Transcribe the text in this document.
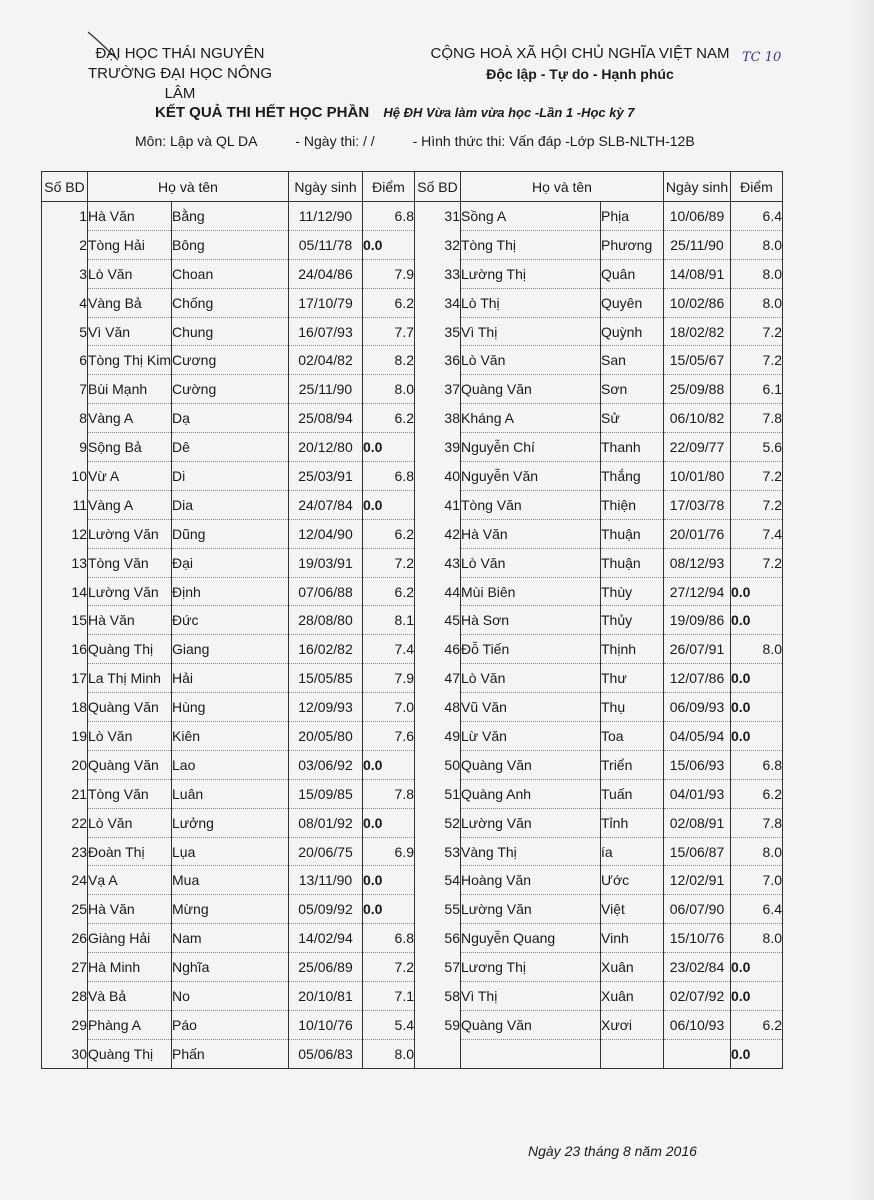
ĐẠI HỌC THÁI NGUYÊN
TRƯỜNG ĐẠI HỌC NÔNG LÂM
CỘNG HOÀ XÃ HỘI CHỦ NGHĨA VIỆT NAM
Độc lập - Tự do - Hạnh phúc
TC 10
KẾT QUẢ THI HẾT HỌC PHẦN Hệ ĐH Vừa làm vừa học -Lần 1 -Học kỳ 7
Môn: Lập và QL DA	- Ngày thi: / /	- Hình thức thi: Vấn đáp -Lớp SLB-NLTH-12B
Số BD	Họ và tên		Ngày sinh	Điểm	Số BD	Họ và tên		Ngày sinh	Điểm
1	Hà Văn	Bằng	11/12/90	6.8	31	Sồng A	Phịa	10/06/89	6.4
2	Tòng Hải	Bông	05/11/78	0.0	32	Tòng Thị	Phương	25/11/90	8.0
3	Lò Văn	Choan	24/04/86	7.9	33	Lường Thị	Quân	14/08/91	8.0
4	Vàng Bả	Chống	17/10/79	6.2	34	Lò Thị	Quyên	10/02/86	8.0
5	Vì Văn	Chung	16/07/93	7.7	35	Vì Thị	Quỳnh	18/02/82	7.2
6	Tòng Thị Kim	Cương	02/04/82	8.2	36	Lò Văn	San	15/05/67	7.2
7	Bùi Mạnh	Cường	25/11/90	8.0	37	Quàng Văn	Sơn	25/09/88	6.1
8	Vàng A	Dạ	25/08/94	6.2	38	Kháng A	Sử	06/10/82	7.8
9	Sộng Bả	Dê	20/12/80	0.0	39	Nguyễn Chí	Thanh	22/09/77	5.6
10	Vừ A	Di	25/03/91	6.8	40	Nguyễn Văn	Thắng	10/01/80	7.2
11	Vàng A	Dia	24/07/84	0.0	41	Tòng Văn	Thiện	17/03/78	7.2
12	Lường Văn	Dũng	12/04/90	6.2	42	Hà Văn	Thuận	20/01/76	7.4
13	Tòng Văn	Đại	19/03/91	7.2	43	Lò Văn	Thuận	08/12/93	7.2
14	Lường Văn	Định	07/06/88	6.2	44	Mùi Biên	Thùy	27/12/94	0.0
15	Hà Văn	Đức	28/08/80	8.1	45	Hà Sơn	Thủy	19/09/86	0.0
16	Quàng Thị	Giang	16/02/82	7.4	46	Đỗ Tiến	Thịnh	26/07/91	8.0
17	La Thị Minh	Hải	15/05/85	7.9	47	Lò Văn	Thư	12/07/86	0.0
18	Quàng Văn	Hùng	12/09/93	7.0	48	Vũ Văn	Thụ	06/09/93	0.0
19	Lò Văn	Kiên	20/05/80	7.6	49	Lừ Văn	Toa	04/05/94	0.0
20	Quàng Văn	Lao	03/06/92	0.0	50	Quàng Văn	Triển	15/06/93	6.8
21	Tòng Văn	Luân	15/09/85	7.8	51	Quàng Anh	Tuấn	04/01/93	6.2
22	Lò Văn	Lưởng	08/01/92	0.0	52	Lường Văn	Tỉnh	02/08/91	7.8
23	Đoàn Thị	Lụa	20/06/75	6.9	53	Vàng Thị	ía	15/06/87	8.0
24	Vạ A	Mua	13/11/90	0.0	54	Hoàng Văn	Ước	12/02/91	7.0
25	Hà Văn	Mừng	05/09/92	0.0	55	Lường Văn	Việt	06/07/90	6.4
26	Giàng Hải	Nam	14/02/94	6.8	56	Nguyễn Quang	Vinh	15/10/76	8.0
27	Hà Minh	Nghĩa	25/06/89	7.2	57	Lương Thị	Xuân	23/02/84	0.0
28	Và Bả	No	20/10/81	7.1	58	Vì Thị	Xuân	02/07/92	0.0
29	Phàng A	Páo	10/10/76	5.4	59	Quàng Văn	Xươi	06/10/93	6.2
30	Quàng Thị	Phấn	05/06/83	8.0					0.0
Ngày 23 tháng 8 năm 2016
